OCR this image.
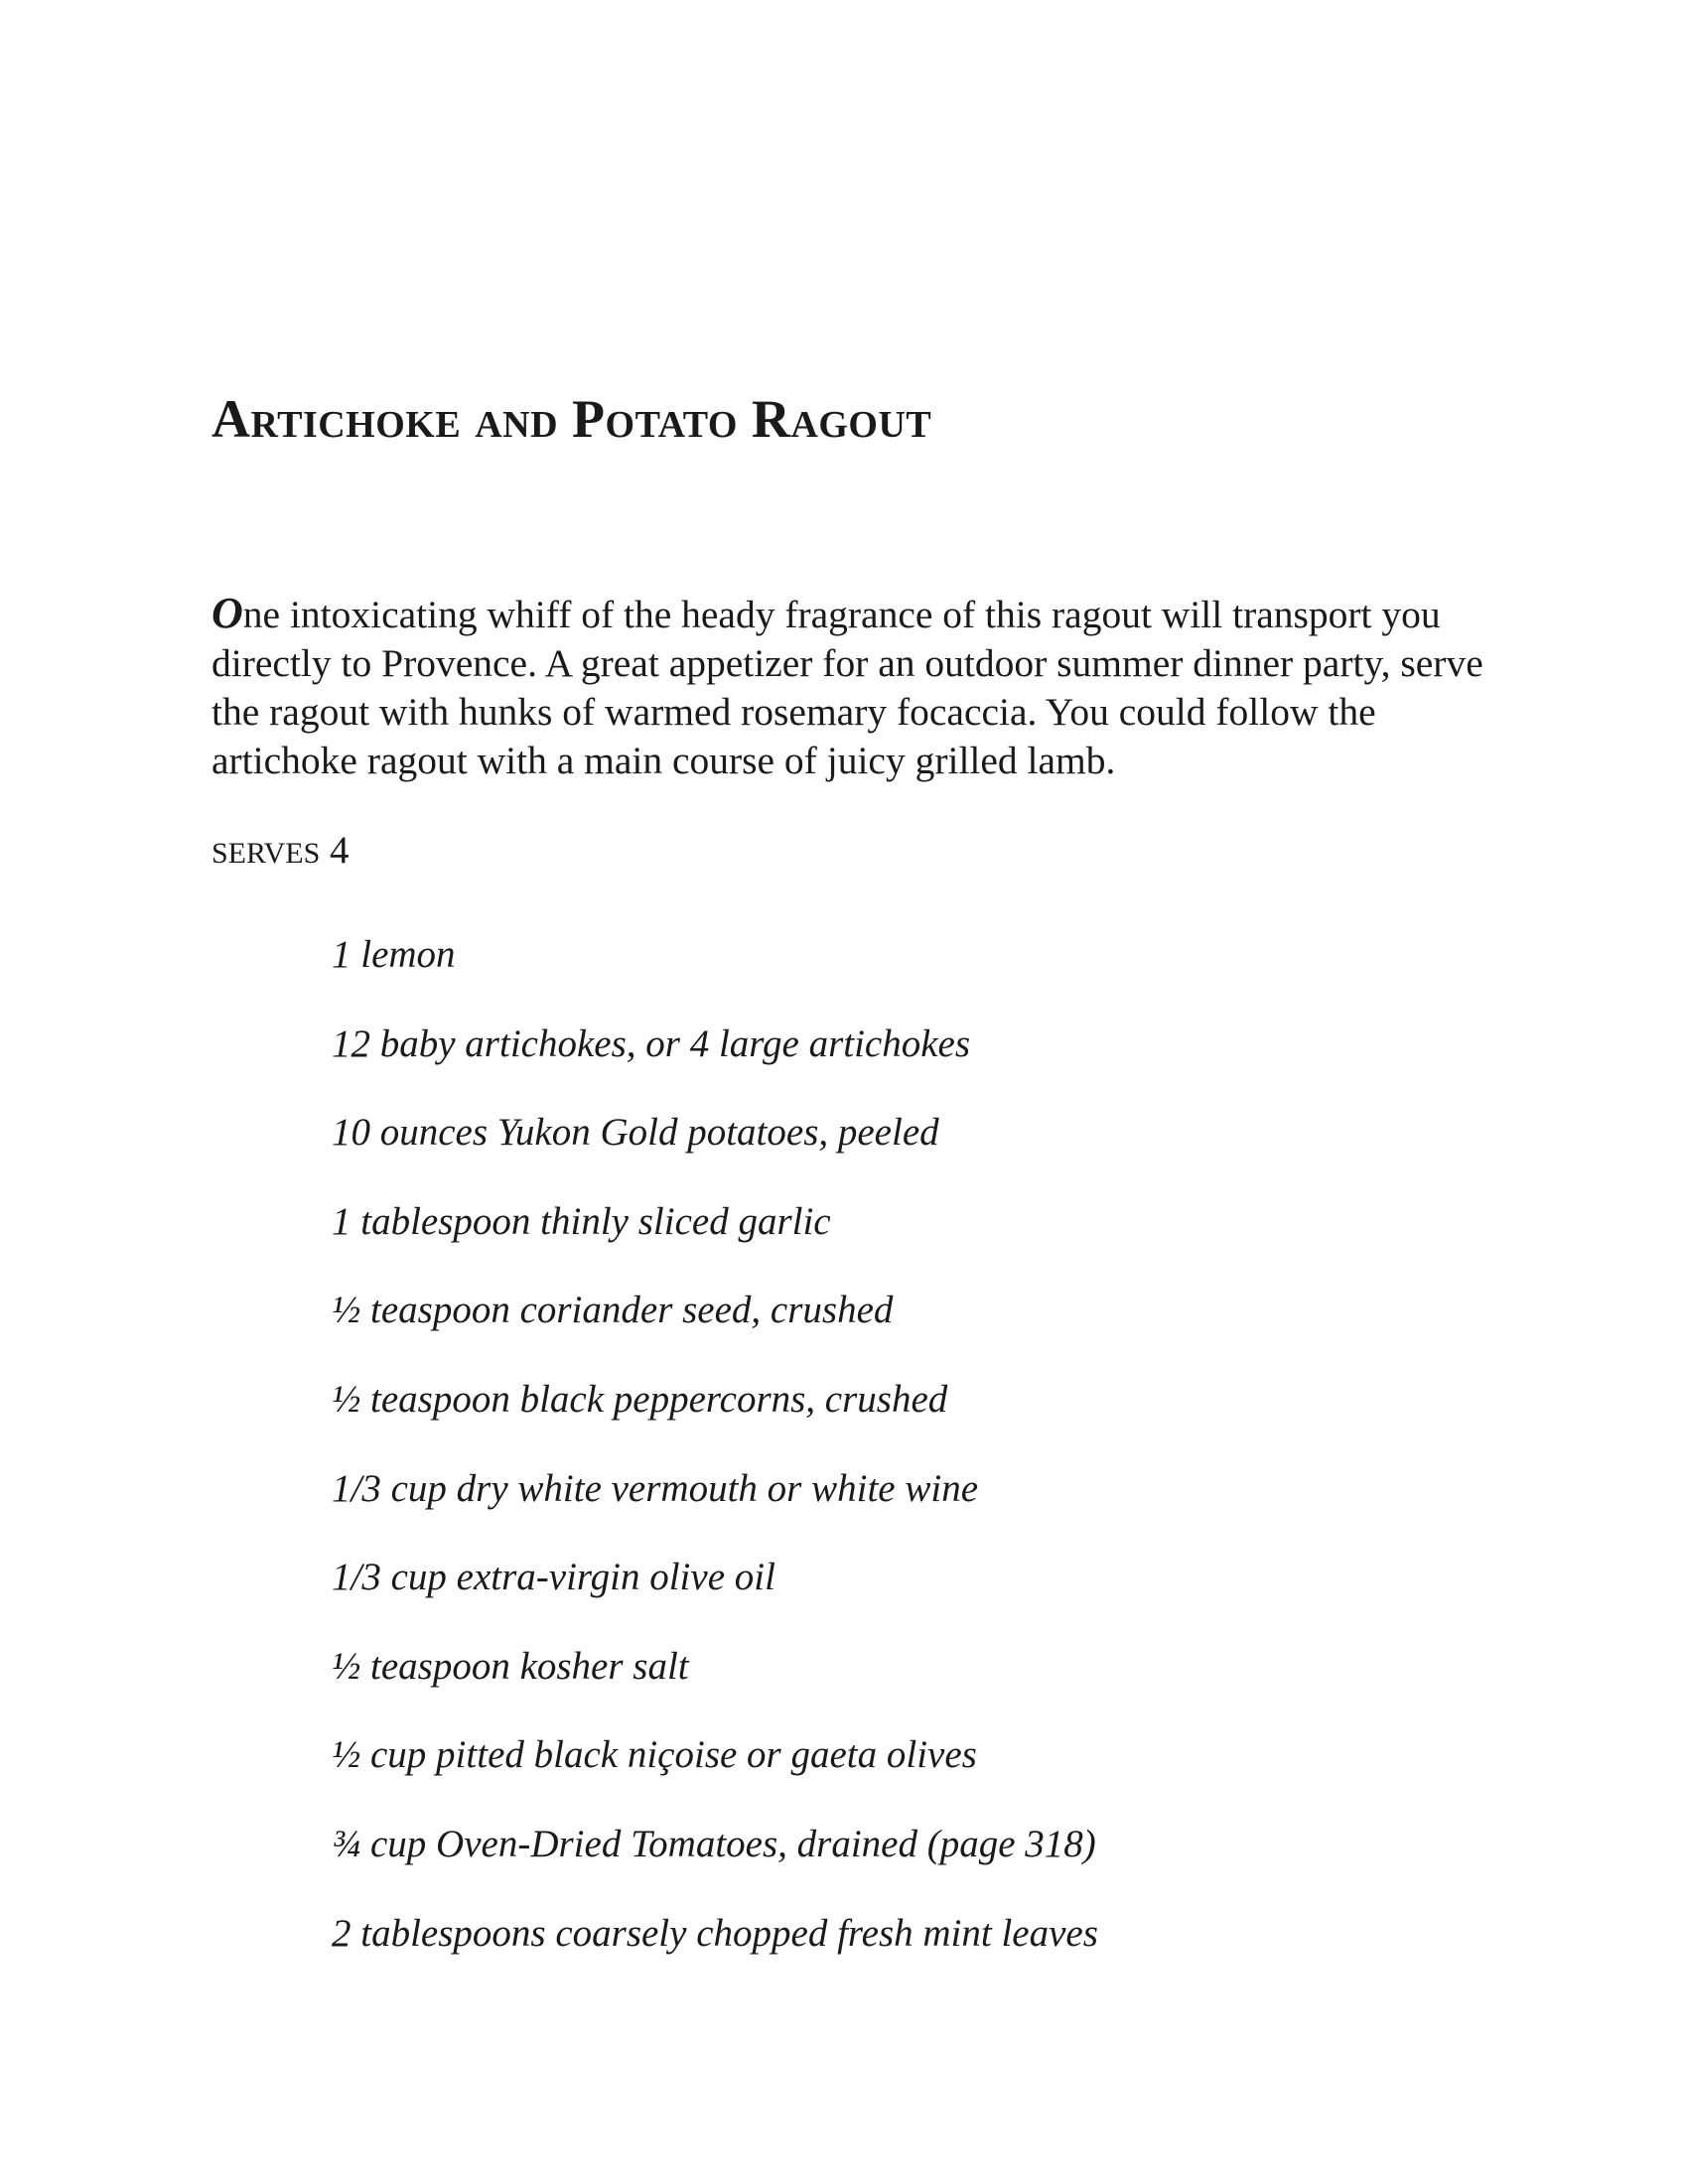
Artichoke and Potato Ragout

One intoxicating whiff of the heady fragrance of this ragout will transport you directly to Provence. A great appetizer for an outdoor summer dinner party, serve the ragout with hunks of warmed rosemary focaccia. You could follow the artichoke ragout with a main course of juicy grilled lamb.

SERVES 4

1 lemon
12 baby artichokes, or 4 large artichokes
10 ounces Yukon Gold potatoes, peeled
1 tablespoon thinly sliced garlic
½ teaspoon coriander seed, crushed
½ teaspoon black peppercorns, crushed
1/3 cup dry white vermouth or white wine
1/3 cup extra-virgin olive oil
½ teaspoon kosher salt
½ cup pitted black niçoise or gaeta olives
¾ cup Oven-Dried Tomatoes, drained (page 318)
2 tablespoons coarsely chopped fresh mint leaves
